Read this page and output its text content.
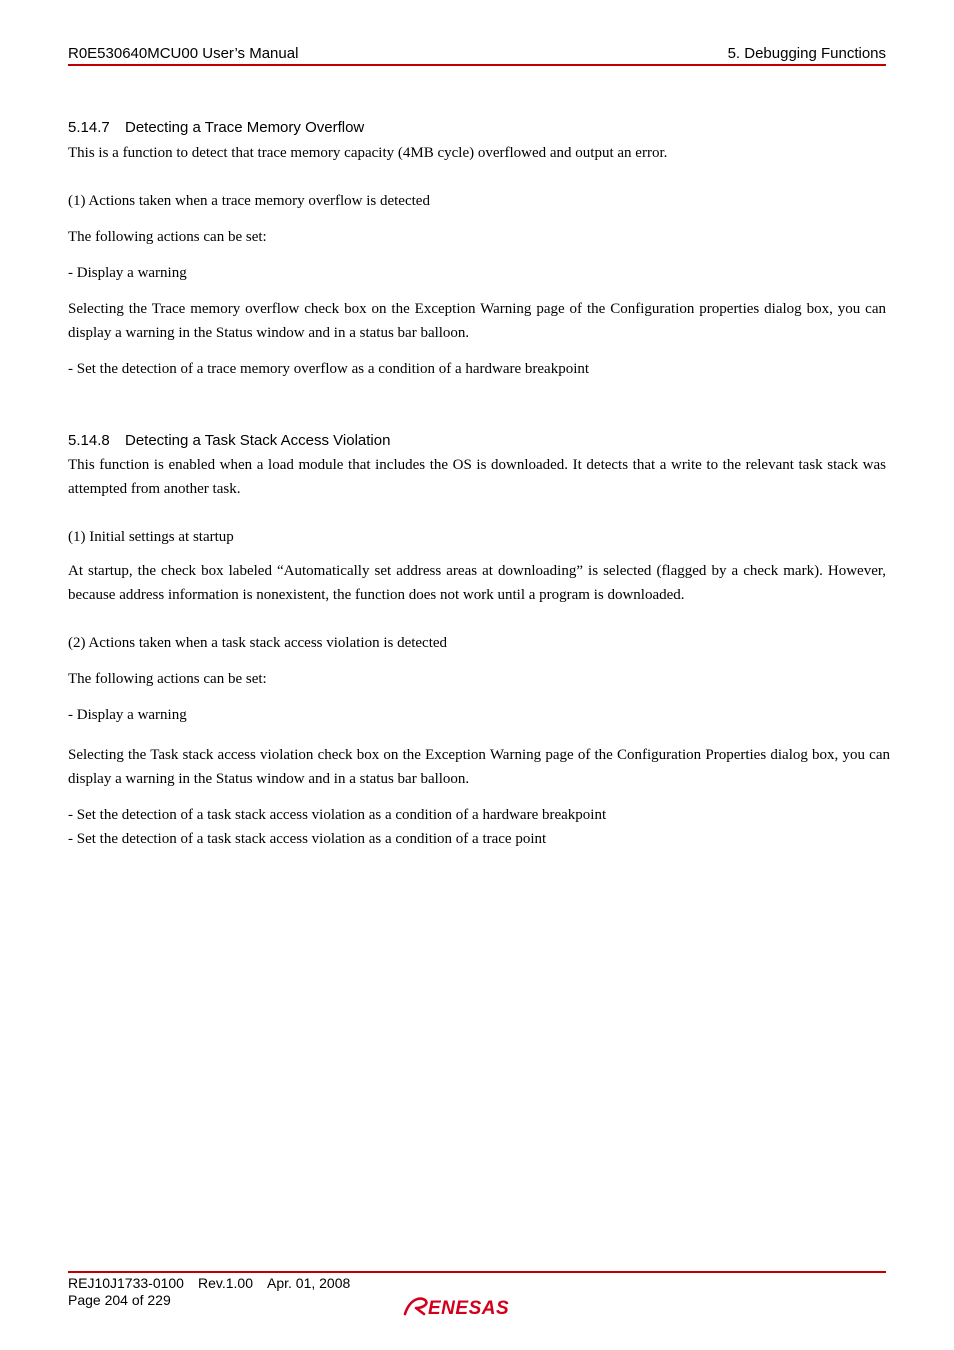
R0E530640MCU00 User’s Manual	5. Debugging Functions
5.14.7 Detecting a Trace Memory Overflow
This is a function to detect that trace memory capacity (4MB cycle) overflowed and output an error.
(1) Actions taken when a trace memory overflow is detected
The following actions can be set:
- Display a warning
Selecting the Trace memory overflow check box on the Exception Warning page of the Configuration properties dialog box, you can display a warning in the Status window and in a status bar balloon.
- Set the detection of a trace memory overflow as a condition of a hardware breakpoint
5.14.8 Detecting a Task Stack Access Violation
This function is enabled when a load module that includes the OS is downloaded. It detects that a write to the relevant task stack was attempted from another task.
(1) Initial settings at startup
At startup, the check box labeled “Automatically set address areas at downloading” is selected (flagged by a check mark). However, because address information is nonexistent, the function does not work until a program is downloaded.
(2) Actions taken when a task stack access violation is detected
The following actions can be set:
- Display a warning
Selecting the Task stack access violation check box on the Exception Warning page of the Configuration Properties dialog box, you can display a warning in the Status window and in a status bar balloon.
- Set the detection of a task stack access violation as a condition of a hardware breakpoint
- Set the detection of a task stack access violation as a condition of a trace point
REJ10J1733-0100 Rev.1.00 Apr. 01, 2008
Page 204 of 229	ENESAS
